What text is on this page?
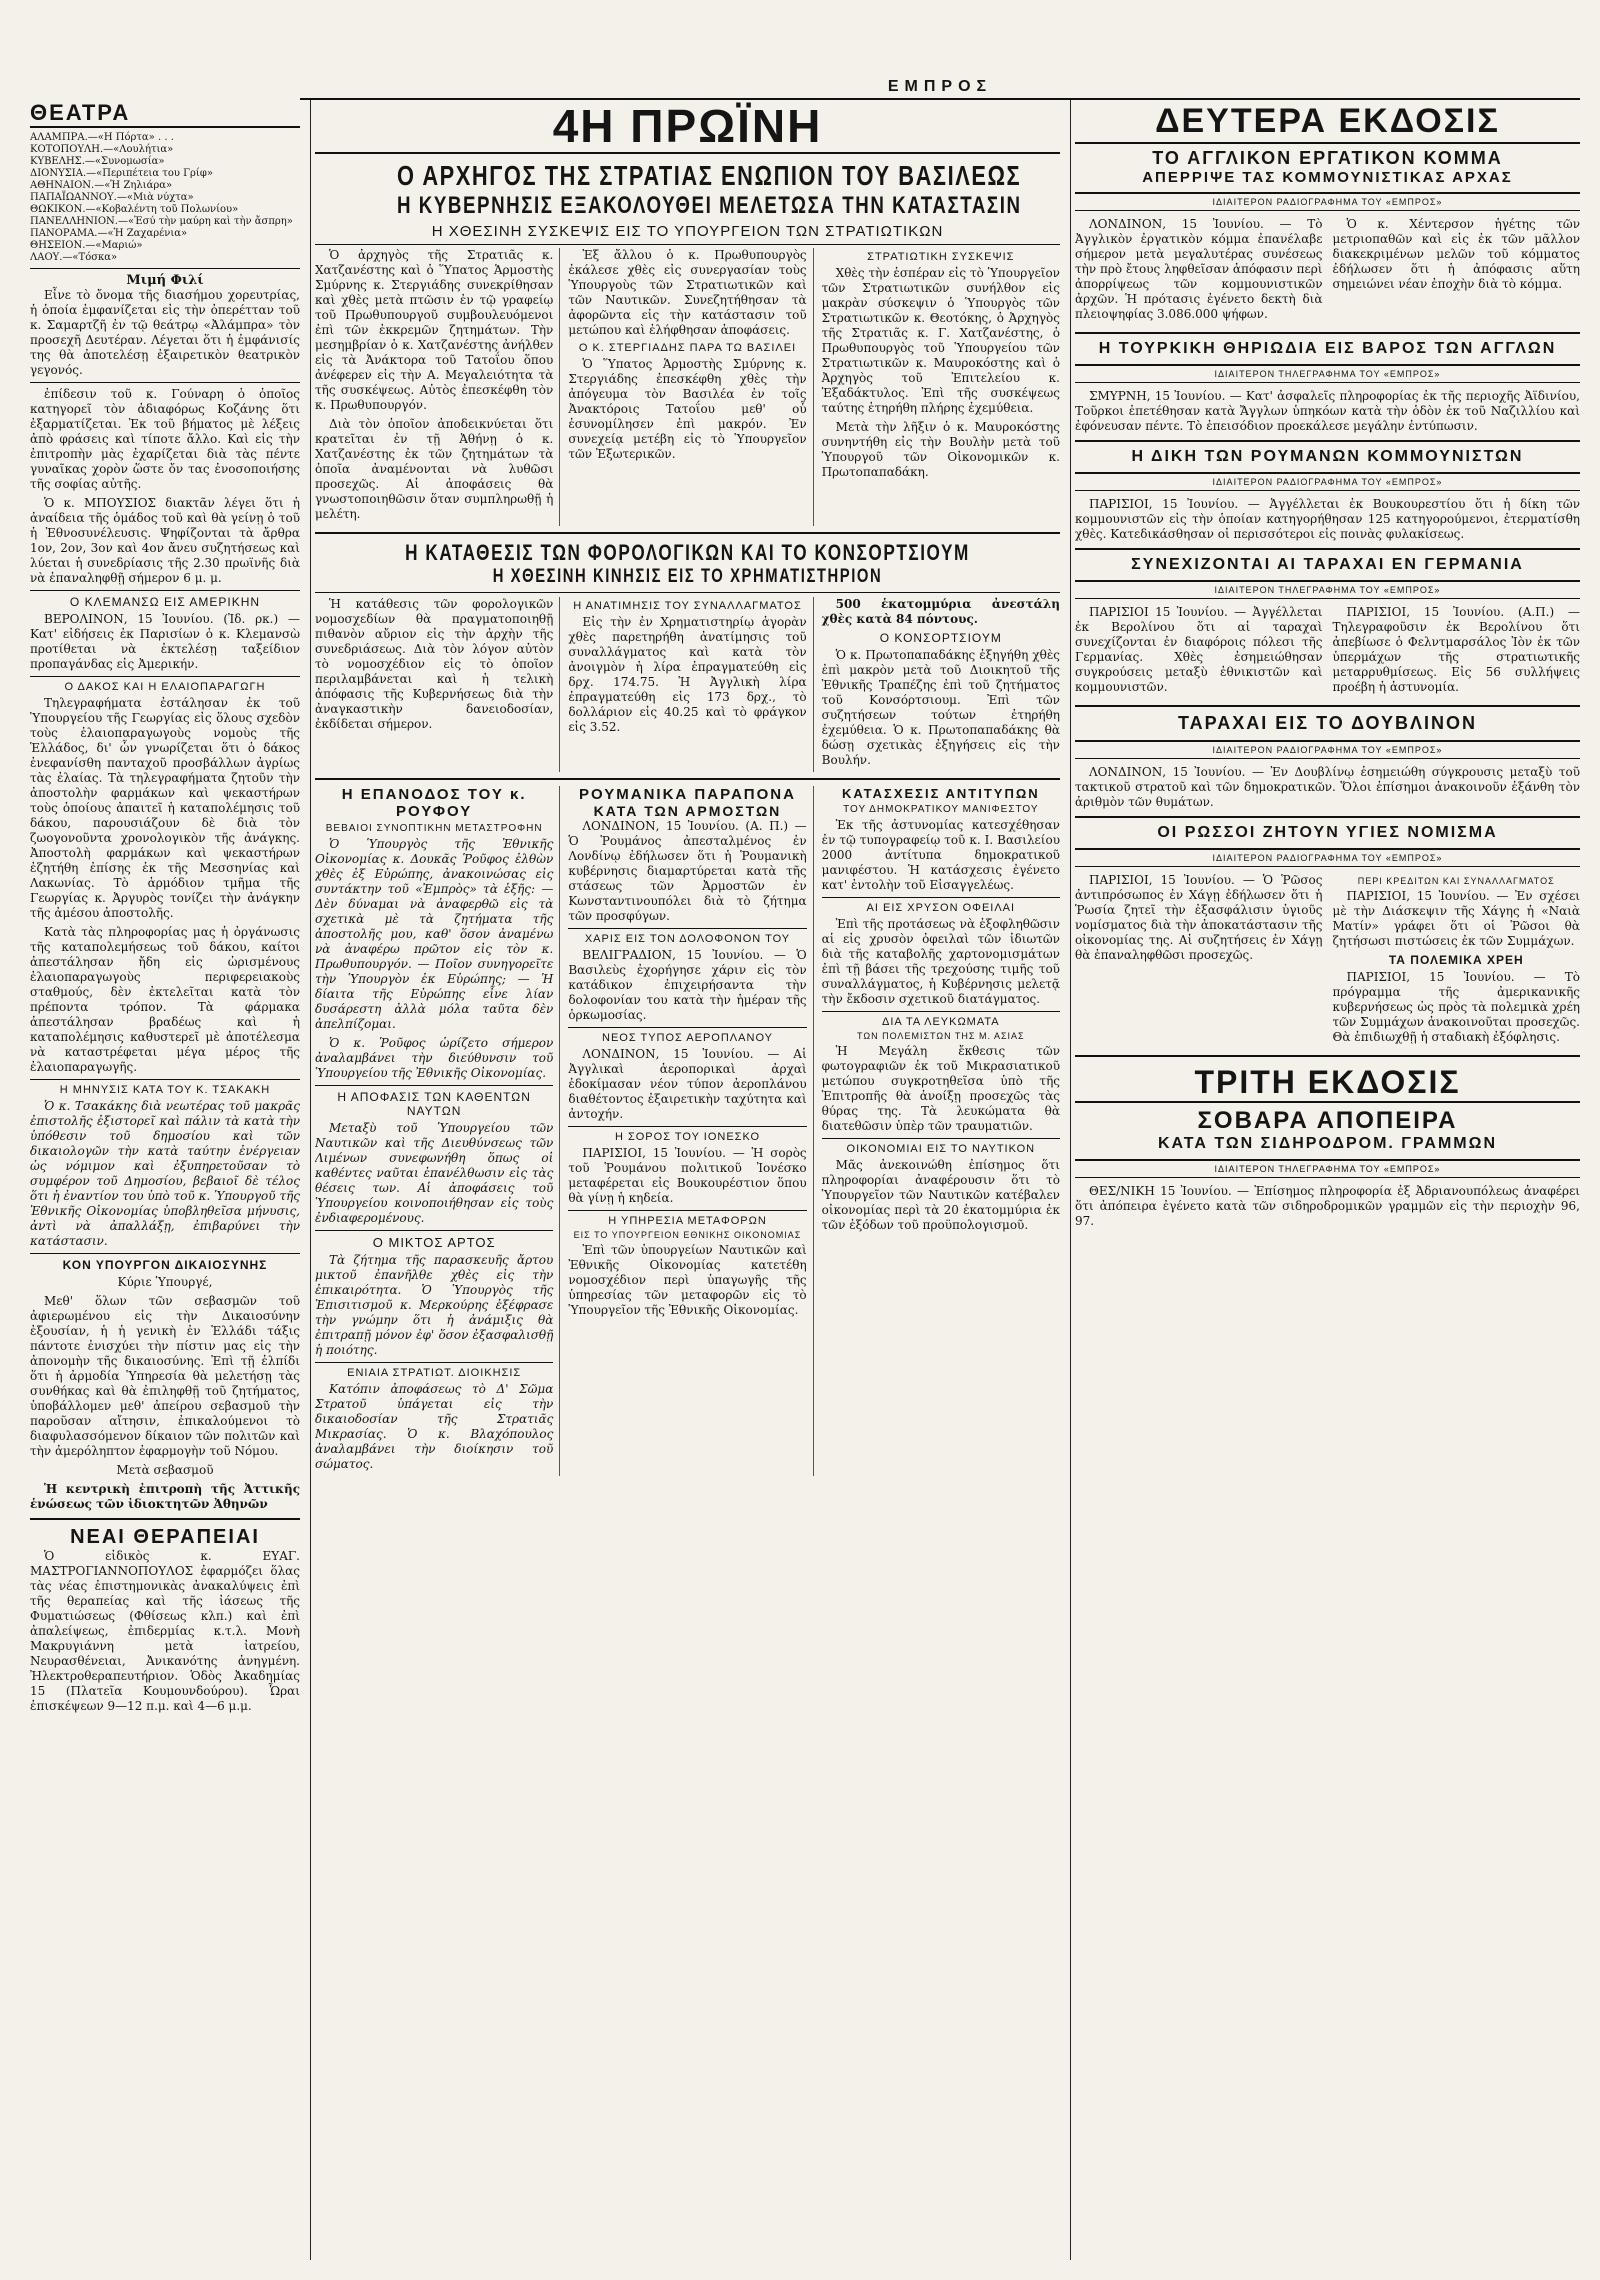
ΕΜΠΡΟΣ
ΘΕΑΤΡΑ
ΑΛΑΜΠΡΑ.—«Η Πόρτα» . . .
ΚΟΤΟΠΟΥΛΗ.—«Λουλήτια»
ΚΥΒΕΛΗΣ.—«Συνομωσία»
ΔΙΟΝΥΣΙΑ.—«Περιπέτεια του Γρίφ»
ΑΘΗΝΑΙΟΝ.—«Ἡ Ζηλιάρα»
ΠΑΠΑΪΩΑΝΝΟΥ.—«Μιὰ νύχτα»
ΘΩΚΙΚΟΝ.—«Κοβαλέντη τοῦ Πολωνίου»
ΠΑΝΕΛΛΗΝΙΟΝ.—«Ἐσύ τὴν μαύρη καὶ τὴν ἄσπρη»
ΠΑΝΟΡΑΜΑ.—«Ἡ Ζαχαρένια»
ΘΗΣΕΙΟΝ.—«Μαριώ»
ΛΑΟΥ.—«Τόσκα»
Μιμή Φιλί

Εἶνε τὸ ὄνομα τῆς διασήμου χορευτρίας, ἡ ὁποία ἐμφανίζεται εἰς τὴν ὀπερέτταν τοῦ κ. Σαμαρτζῆ ἐν τῷ θεάτρῳ «Ἀλάμπρα» τὸν προσεχῆ Δευτέραν. Λέγεται ὅτι ἡ ἐμφάνισίς της θὰ ἀποτελέσῃ ἐξαιρετικὸν θεατρικὸν γεγονός.

ἐπίδεσιν τοῦ κ. Γούναρη ὁ ὁποῖος κατηγορεῖ τὸν ἀδιαφόρως Κοζάνης ὅτι ἐξαρματίζεται. Ἐκ τοῦ βήματος μὲ λέξεις ἀπὸ φράσεις καὶ τίποτε ἄλλο. Καὶ εἰς τὴν ἐπιτροπὴν μὰς ἐχαρίζεται διὰ τὰς πέντε γυναῖκας χορὸν ὥστε ὄν τας ἐνοσοποιήσης τῆς σοφίας αὐτῆς.

Ὁ κ. ΜΠΟΥΣΙΟΣ διακτᾶν λέγει ὅτι ἡ ἀναίδεια τῆς ὁμάδος τοῦ καὶ θὰ γείνῃ ὁ τοῦ ἡ Ἐθνοσυνέλευσις. Ψηφίζονται τὰ ἄρθρα 1ον, 2ον, 3ον καὶ 4ον ἄνευ συζητήσεως καὶ λύεται ἡ συνεδρίασις τῆς 2.30 πρωϊνῆς διὰ νὰ ἐπαναληφθῇ σήμερον 6 μ. μ.

Ο ΚΛΕΜΑΝΣΩ ΕΙΣ ΑΜΕΡΙΚΗΝ

ΒΕΡΟΛΙΝΟΝ, 15 Ἰουνίου. (Ἰδ. ρκ.) — Κατ' εἰδήσεις ἐκ Παρισίων ὁ κ. Κλεμανσὼ προτίθεται νὰ ἐκτελέσῃ ταξείδιον προπαγάνδας εἰς Ἀμερικήν.

Ο ΔΑΚΟΣ ΚΑΙ Η ΕΛΑΙΟΠΑΡΑΓΩΓΗ

Τηλεγραφήματα ἐστάλησαν ἐκ τοῦ Ὑπουργείου τῆς Γεωργίας εἰς ὅλους σχεδὸν τοὺς ἐλαιοπαραγωγοὺς νομοὺς τῆς Ἑλλάδος, δι' ὧν γνωρίζεται ὅτι ὁ δάκος ἐνεφανίσθη πανταχοῦ προσβάλλων ἀγρίως τὰς ἐλαίας. Τὰ τηλεγραφήματα ζητοῦν τὴν ἀποστολὴν φαρμάκων καὶ ψεκαστήρων τοὺς ὁποίους ἀπαιτεῖ ἡ καταπολέμησις τοῦ δάκου, παρουσιάζουν δὲ διὰ τὸν ζωογονοῦντα χρονολογικὸν τῆς ἀνάγκης. Ἀποστολὴ φαρμάκων καὶ ψεκαστήρων ἐζητήθη ἐπίσης ἐκ τῆς Μεσσηνίας καὶ Λακωνίας. Τὸ ἀρμόδιον τμῆμα τῆς Γεωργίας κ. Ἀργυρὸς τονίζει τὴν ἀνάγκην τῆς ἀμέσου ἀποστολῆς.

Κατὰ τὰς πληροφορίας μας ἡ ὀργάνωσις τῆς καταπολεμήσεως τοῦ δάκου, καίτοι ἀπεστάλησαν ἤδη εἰς ὡρισμένους ἐλαιοπαραγωγοὺς περιφερειακοὺς σταθμούς, δὲν ἐκτελεῖται κατὰ τὸν πρέποντα τρόπον. Τὰ φάρμακα ἀπεστάλησαν βραδέως καὶ ἡ καταπολέμησις καθυστερεῖ μὲ ἀποτέλεσμα νὰ καταστρέφεται μέγα μέρος τῆς ἐλαιοπαραγωγῆς.

Η ΜΗΝΥΣΙΣ ΚΑΤΑ ΤΟΥ Κ. ΤΣΑΚΑΚΗ

Ὁ κ. Τσακάκης διὰ νεωτέρας τοῦ μακρᾶς ἐπιστολῆς ἐξιστορεῖ καὶ πάλιν τὰ κατὰ τὴν ὑπόθεσιν τοῦ δημοσίου καὶ τῶν δικαιολογῶν τὴν κατὰ ταύτην ἐνέργειαν ὡς νόμιμον καὶ ἐξυπηρετοῦσαν τὸ συμφέρον τοῦ Δημοσίου, βεβαιοῖ δὲ τέλος ὅτι ἡ ἐναντίον του ὑπὸ τοῦ κ. Ὑπουργοῦ τῆς Ἐθνικῆς Οἰκονομίας ὑποβληθεῖσα μήνυσις, ἀντὶ νὰ ἀπαλλάξῃ, ἐπιβαρύνει τὴν κατάστασιν.

ΚΟΝ ΥΠΟΥΡΓΟΝ ΔΙΚΑΙΟΣΥΝΗΣ

Κύριε Ὑπουργέ,

Μεθ' ὅλων τῶν σεβασμῶν τοῦ ἀφιερωμένου εἰς τὴν Δικαιοσύνην ἐξουσίαν, ἡ ἡ γενικὴ ἐν Ἑλλάδι τάξις πάντοτε ἐνισχύει τὴν πίστιν μας εἰς τὴν ἀπονομὴν τῆς δικαιοσύνης. Ἐπὶ τῇ ἐλπίδι ὅτι ἡ ἀρμοδία Ὑπηρεσία θὰ μελετήσῃ τὰς συνθήκας καὶ θὰ ἐπιληφθῇ τοῦ ζητήματος, ὑποβάλλομεν μεθ' ἀπείρου σεβασμοῦ τὴν παροῦσαν αἴτησιν, ἐπικαλούμενοι τὸ διαφυλασσόμενον δίκαιον τῶν πολιτῶν καὶ τὴν ἀμερόληπτον ἐφαρμογὴν τοῦ Νόμου.

Μετὰ σεβασμοῦ

Ἡ κεντρικὴ ἐπιτροπὴ τῆς Ἀττικῆς ἑνώσεως τῶν ἰδιοκτητῶν Ἀθηνῶν

ΝΕΑΙ ΘΕΡΑΠΕΙΑΙ

Ὁ εἰδικὸς κ. ΕΥΑΓ. ΜΑΣΤΡΟΓΙΑΝΝΟΠΟΥΛΟΣ ἐφαρμόζει ὅλας τὰς νέας ἐπιστημονικὰς ἀνακαλύψεις ἐπὶ τῆς θεραπείας καὶ τῆς ἰάσεως τῆς Φυματιώσεως (Φθίσεως κλπ.) καὶ ἐπὶ ἀπαλείψεως, ἐπιδερμίας κ.τ.λ. Μονὴ Μακρυγιάννη μετὰ ἰατρείου, Νευρασθένειαι, Ἀνικανότης ἀνηγμένη. Ἠλεκτροθεραπευτήριον. Ὁδὸς Ἀκαδημίας 15 (Πλατεῖα Κουμουνδούρου). Ὧραι ἐπισκέψεων 9—12 π.μ. καὶ 4—6 μ.μ.

4Η ΠΡΩΪΝΗ
Ο ΑΡΧΗΓΟΣ ΤΗΣ ΣΤΡΑΤΙΑΣ ΕΝΩΠΙΟΝ ΤΟΥ ΒΑΣΙΛΕΩΣ
Η ΚΥΒΕΡΝΗΣΙΣ ΕΞΑΚΟΛΟΥΘΕΙ ΜΕΛΕΤΩΣΑ ΤΗΝ ΚΑΤΑΣΤΑΣΙΝ
Η ΧΘΕΣΙΝΗ ΣΥΣΚΕΨΙΣ ΕΙΣ ΤΟ ΥΠΟΥΡΓΕΙΟΝ ΤΩΝ ΣΤΡΑΤΙΩΤΙΚΩΝ

Ὁ ἀρχηγὸς τῆς Στρατιᾶς κ. Χατζανέστης καὶ ὁ Ὕπατος Ἁρμοστὴς Σμύρνης κ. Στεργιάδης συνεκρίθησαν καὶ χθὲς μετὰ πτῶσιν ἐν τῷ γραφείῳ τοῦ Πρωθυπουργοῦ συμβουλευόμενοι ἐπὶ τῶν ἐκκρεμῶν ζητημάτων. Τὴν μεσημβρίαν ὁ κ. Χατζανέστης ἀνήλθεν εἰς τὰ Ἀνάκτορα τοῦ Τατοΐου ὅπου ἀνέφερεν εἰς τὴν Α. Μεγαλειότητα τὰ τῆς συσκέψεως. Αὐτὸς ἐπεσκέφθη τὸν κ. Πρωθυπουργόν.

Διὰ τὸν ὁποῖον ἀποδεικνύεται ὅτι κρατεῖται ἐν τῇ Ἀθήνῃ ὁ κ. Χατζανέστης ἐκ τῶν ζητημάτων τὰ ὁποῖα ἀναμένονται νὰ λυθῶσι προσεχῶς. Αἱ ἀποφάσεις θὰ γνωστοποιηθῶσιν ὅταν συμπληρωθῇ ἡ μελέτη.

Ἐξ ἄλλου ὁ κ. Πρωθυπουργὸς ἐκάλεσε χθὲς εἰς συνεργασίαν τοὺς Ὑπουργοὺς τῶν Στρατιωτικῶν καὶ τῶν Ναυτικῶν. Συνεζητήθησαν τὰ ἀφορῶντα εἰς τὴν κατάστασιν τοῦ μετώπου καὶ ἐλήφθησαν ἀποφάσεις.

Ο Κ. ΣΤΕΡΓΙΑΔΗΣ ΠΑΡΑ ΤΩ ΒΑΣΙΛΕΙ

Ὁ Ὕπατος Ἁρμοστὴς Σμύρνης κ. Στεργιάδης ἐπεσκέφθη χθὲς τὴν ἀπόγευμα τὸν Βασιλέα ἐν τοῖς Ἀνακτόροις Τατοΐου μεθ' οὗ ἐσυνομίλησεν ἐπὶ μακρόν. Ἐν συνεχείᾳ μετέβη εἰς τὸ Ὑπουργεῖον τῶν Ἐξωτερικῶν.

ΣΤΡΑΤΙΩΤΙΚΗ ΣΥΣΚΕΨΙΣ

Χθὲς τὴν ἑσπέραν εἰς τὸ Ὑπουργεῖον τῶν Στρατιωτικῶν συνήλθον εἰς μακρὰν σύσκεψιν ὁ Ὑπουργὸς τῶν Στρατιωτικῶν κ. Θεοτόκης, ὁ Ἀρχηγὸς τῆς Στρατιᾶς κ. Γ. Χατζανέστης, ὁ Πρωθυπουργὸς τοῦ Ὑπουργείου τῶν Στρατιωτικῶν κ. Μαυροκόστης καὶ ὁ Ἀρχηγὸς τοῦ Ἐπιτελείου κ. Ἐξαδάκτυλος. Ἐπὶ τῆς συσκέψεως ταύτης ἐτηρήθη πλήρης ἐχεμύθεια.

Μετὰ τὴν λῆξιν ὁ κ. Μαυροκόστης συνηντήθη εἰς τὴν Βουλὴν μετὰ τοῦ Ὑπουργοῦ τῶν Οἰκονομικῶν κ. Πρωτοπαπαδάκη.

Η ΚΑΤΑΘΕΣΙΣ ΤΩΝ ΦΟΡΟΛΟΓΙΚΩΝ ΚΑΙ ΤΟ ΚΟΝΣΟΡΤΣΙΟΥΜ
Η ΧΘΕΣΙΝΗ ΚΙΝΗΣΙΣ ΕΙΣ ΤΟ ΧΡΗΜΑΤΙΣΤΗΡΙΟΝ

Ἡ κατάθεσις τῶν φορολογικῶν νομοσχεδίων θὰ πραγματοποιηθῇ πιθανὸν αὔριον εἰς τὴν ἀρχὴν τῆς συνεδριάσεως. Διὰ τὸν λόγον αὐτὸν τὸ νομοσχέδιον εἰς τὸ ὁποῖον περιλαμβάνεται καὶ ἡ τελικὴ ἀπόφασις τῆς Κυβερνήσεως διὰ τὴν ἀναγκαστικὴν δανειοδοσίαν, ἐκδίδεται σήμερον.

Η ΑΝΑΤΙΜΗΣΙΣ ΤΟΥ ΣΥΝΑΛΛΑΓΜΑΤΟΣ

Εἰς τὴν ἐν Χρηματιστηρίῳ ἀγορὰν χθὲς παρετηρήθη ἀνατίμησις τοῦ συναλλάγματος καὶ κατὰ τὸν ἀνοιγμὸν ἡ λίρα ἐπραγματεύθη εἰς δρχ. 174.75. Ἡ Ἀγγλικὴ λίρα ἐπραγματεύθη εἰς 173 δρχ., τὸ δολλάριον εἰς 40.25 καὶ τὸ φράγκον εἰς 3.52.

500 ἑκατομμύρια ἀνεστάλη χθὲς κατὰ 84 πόντους.

Ο ΚΟΝΣΟΡΤΣΙΟΥΜ

Ὁ κ. Πρωτοπαπαδάκης ἐξηγήθη χθὲς ἐπὶ μακρὸν μετὰ τοῦ Διοικητοῦ τῆς Ἐθνικῆς Τραπέζης ἐπὶ τοῦ ζητήματος τοῦ Κονσόρτσιουμ. Ἐπὶ τῶν συζητήσεων τούτων ἐτηρήθη ἐχεμύθεια. Ὁ κ. Πρωτοπαπαδάκης θὰ δώσῃ σχετικὰς ἐξηγήσεις εἰς τὴν Βουλήν.

Η ΕΠΑΝΟΔΟΣ ΤΟΥ κ. ΡΟΥΦΟΥ
ΒΕΒΑΙΟΙ ΣΥΝΟΠΤΙΚΗΝ ΜΕΤΑΣΤΡΟΦΗΝ

Ὁ Ὑπουργὸς τῆς Ἐθνικῆς Οἰκονομίας κ. Δουκᾶς Ῥοῦφος ἐλθὼν χθὲς ἐξ Εὐρώπης, ἀνακοινώσας εἰς συντάκτην τοῦ «Ἐμπρὸς» τὰ ἑξῆς: — Δὲν δύναμαι νὰ ἀναφερθῶ εἰς τὰ σχετικὰ μὲ τὰ ζητήματα τῆς ἀποστολῆς μου, καθ' ὅσον ἀναμένω νὰ ἀναφέρω πρῶτον εἰς τὸν κ. Πρωθυπουργόν. — Ποῖον συνηγορεῖτε τὴν Ὑπουργὸν ἐκ Εὐρώπης; — Ἡ δίαιτα τῆς Εὐρώπης εἶνε λίαν δυσάρεστη ἀλλὰ μόλα ταῦτα δὲν ἀπελπίζομαι.

Ὁ κ. Ῥοῦφος ὡρίζετο σήμερον ἀναλαμβάνει τὴν διεύθυνσιν τοῦ Ὑπουργείου τῆς Ἐθνικῆς Οἰκονομίας.

Η ΑΠΟΦΑΣΙΣ ΤΩΝ ΚΑΘΕΝΤΩΝ ΝΑΥΤΩΝ

Μεταξὺ τοῦ Ὑπουργείου τῶν Ναυτικῶν καὶ τῆς Διευθύνσεως τῶν Λιμένων συνεφωνήθη ὅπως οἱ καθέντες ναῦται ἐπανέλθωσιν εἰς τὰς θέσεις των. Αἱ ἀποφάσεις τοῦ Ὑπουργείου κοινοποιήθησαν εἰς τοὺς ἐνδιαφερομένους.

Ο ΜΙΚΤΟΣ ΑΡΤΟΣ

Τὰ ζήτημα τῆς παρασκευῆς ἄρτου μικτοῦ ἐπανῆλθε χθὲς εἰς τὴν ἐπικαιρότητα. Ὁ Ὑπουργὸς τῆς Ἐπισιτισμοῦ κ. Μερκούρης ἐξέφρασε τὴν γνώμην ὅτι ἡ ἀνάμιξις θὰ ἐπιτραπῇ μόνον ἐφ' ὅσον ἐξασφαλισθῇ ἡ ποιότης.

ΕΝΙΑΙΑ ΣΤΡΑΤΙΩΤ. ΔΙΟΙΚΗΣΙΣ

Κατόπιν ἀποφάσεως τὸ Δ' Σῶμα Στρατοῦ ὑπάγεται εἰς τὴν δικαιοδοσίαν τῆς Στρατιᾶς Μικρασίας. Ὁ κ. Βλαχόπουλος ἀναλαμβάνει τὴν διοίκησιν τοῦ σώματος.

ΡΟΥΜΑΝΙΚΑ ΠΑΡΑΠΟΝΑ
ΚΑΤΑ ΤΩΝ ΑΡΜΟΣΤΩΝ

ΛΟΝΔΙΝΟΝ, 15 Ἰουνίου. (Α. Π.) — Ὁ Ῥουμάνος ἀπεσταλμένος ἐν Λονδίνῳ ἐδήλωσεν ὅτι ἡ Ῥουμανικὴ κυβέρνησις διαμαρτύρεται κατὰ τῆς στάσεως τῶν Ἀρμοστῶν ἐν Κωνσταντινουπόλει διὰ τὸ ζήτημα τῶν προσφύγων.

ΧΑΡΙΣ ΕΙΣ ΤΟΝ ΔΟΛΟΦΟΝΟΝ ΤΟΥ

ΒΕΛΙΓΡΑΔΙΟΝ, 15 Ἰουνίου. — Ὁ Βασιλεὺς ἐχορήγησε χάριν εἰς τὸν κατάδικον ἐπιχειρήσαντα τὴν δολοφονίαν του κατὰ τὴν ἡμέραν τῆς ὁρκωμοσίας.

ΝΕΟΣ ΤΥΠΟΣ ΑΕΡΟΠΛΑΝΟΥ

ΛΟΝΔΙΝΟΝ, 15 Ἰουνίου. — Αἱ Ἀγγλικαὶ ἀεροπορικαὶ ἀρχαὶ ἐδοκίμασαν νέον τύπον ἀεροπλάνου διαθέτοντος ἐξαιρετικὴν ταχύτητα καὶ ἀντοχήν.

Η ΣΟΡΟΣ ΤΟΥ ΙΟΝΕΣΚΟ

ΠΑΡΙΣΙΟΙ, 15 Ἰουνίου. — Ἡ σορὸς τοῦ Ῥουμάνου πολιτικοῦ Ἰονέσκο μεταφέρεται εἰς Βουκουρέστιον ὅπου θὰ γίνῃ ἡ κηδεία.

Η ΥΠΗΡΕΣΙΑ ΜΕΤΑΦΟΡΩΝ
ΕΙΣ ΤΟ ΥΠΟΥΡΓΕΙΟΝ ΕΘΝΙΚΗΣ ΟΙΚΟΝΟΜΙΑΣ

Ἐπὶ τῶν ὑπουργείων Ναυτικῶν καὶ Ἐθνικῆς Οἰκονομίας κατετέθη νομοσχέδιον περὶ ὑπαγωγῆς τῆς ὑπηρεσίας τῶν μεταφορῶν εἰς τὸ Ὑπουργεῖον τῆς Ἐθνικῆς Οἰκονομίας.

ΚΑΤΑΣΧΕΣΙΣ ΑΝΤΙΤΥΠΩΝ
ΤΟΥ ΔΗΜΟΚΡΑΤΙΚΟΥ ΜΑΝΙΦΕΣΤΟΥ

Ἐκ τῆς ἀστυνομίας κατεσχέθησαν ἐν τῷ τυπογραφείῳ τοῦ κ. Ι. Βασιλείου 2000 ἀντίτυπα δημοκρατικοῦ μανιφέστου. Ἡ κατάσχεσις ἐγένετο κατ' ἐντολὴν τοῦ Εἰσαγγελέως.

ΑΙ ΕΙΣ ΧΡΥΣΟΝ ΟΦΕΙΛΑΙ

Ἐπὶ τῆς προτάσεως νὰ ἐξοφληθῶσιν αἱ εἰς χρυσὸν ὀφειλαὶ τῶν ἰδιωτῶν διὰ τῆς καταβολῆς χαρτονομισμάτων ἐπὶ τῇ βάσει τῆς τρεχούσης τιμῆς τοῦ συναλλάγματος, ἡ Κυβέρνησις μελετᾷ τὴν ἔκδοσιν σχετικοῦ διατάγματος.

ΔΙΑ ΤΑ ΛΕΥΚΩΜΑΤΑ
ΤΩΝ ΠΟΛΕΜΙΣΤΩΝ ΤΗΣ Μ. ΑΣΙΑΣ

Ἡ Μεγάλη ἔκθεσις τῶν φωτογραφιῶν ἐκ τοῦ Μικρασιατικοῦ μετώπου συγκροτηθεῖσα ὑπὸ τῆς Ἐπιτροπῆς θὰ ἀνοίξῃ προσεχῶς τὰς θύρας της. Τὰ λευκώματα θὰ διατεθῶσιν ὑπὲρ τῶν τραυματιῶν.

ΟΙΚΟΝΟΜΙΑΙ ΕΙΣ ΤΟ ΝΑΥΤΙΚΟΝ

Μᾶς ἀνεκοινώθη ἐπίσημος ὅτι πληροφορίαι ἀναφέρουσιν ὅτι τὸ Ὑπουργεῖον τῶν Ναυτικῶν κατέβαλεν οἰκονομίας περὶ τὰ 20 ἑκατομμύρια ἐκ τῶν ἐξόδων τοῦ προϋπολογισμοῦ.

ΔΕΥΤΕΡΑ ΕΚΔΟΣΙΣ
ΤΟ ΑΓΓΛΙΚΟΝ ΕΡΓΑΤΙΚΟΝ ΚΟΜΜΑ
ΑΠΕΡΡΙΨΕ ΤΑΣ ΚΟΜΜΟΥΝΙΣΤΙΚΑΣ ΑΡΧΑΣ
ΙΔΙΑΙΤΕΡΟΝ ΡΑΔΙΟΓΡΑΦΗΜΑ ΤΟΥ «ΕΜΠΡΟΣ»

ΛΟΝΔΙΝΟΝ, 15 Ἰουνίου. — Τὸ Ἀγγλικὸν ἐργατικὸν κόμμα ἐπανέλαβε σήμερον μετὰ μεγαλυτέρας συνέσεως τὴν πρὸ ἔτους ληφθεῖσαν ἀπόφασιν περὶ ἀπορρίψεως τῶν κομμουνιστικῶν ἀρχῶν. Ἡ πρότασις ἐγένετο δεκτὴ διὰ πλειοψηφίας 3.086.000 ψήφων.

Ὁ κ. Χέντερσον ἡγέτης τῶν μετριοπαθῶν καὶ εἰς ἐκ τῶν μᾶλλον διακεκριμένων μελῶν τοῦ κόμματος ἐδήλωσεν ὅτι ἡ ἀπόφασις αὕτη σημειώνει νέαν ἐποχὴν διὰ τὸ κόμμα.

Η ΤΟΥΡΚΙΚΗ ΘΗΡΙΩΔΙΑ ΕΙΣ ΒΑΡΟΣ ΤΩΝ ΑΓΓΛΩΝ
ΙΔΙΑΙΤΕΡΟΝ ΤΗΛΕΓΡΑΦΗΜΑ ΤΟΥ «ΕΜΠΡΟΣ»

ΣΜΥΡΝΗ, 15 Ἰουνίου. — Κατ' ἀσφαλεῖς πληροφορίας ἐκ τῆς περιοχῆς Ἀϊδινίου, Τοῦρκοι ἐπετέθησαν κατὰ Ἄγγλων ὑπηκόων κατὰ τὴν ὁδὸν ἐκ τοῦ Ναζιλλίου καὶ ἐφόνευσαν πέντε. Τὸ ἐπεισόδιον προεκάλεσε μεγάλην ἐντύπωσιν.

Η ΔΙΚΗ ΤΩΝ ΡΟΥΜΑΝΩΝ ΚΟΜΜΟΥΝΙΣΤΩΝ
ΙΔΙΑΙΤΕΡΟΝ ΡΑΔΙΟΓΡΑΦΗΜΑ ΤΟΥ «ΕΜΠΡΟΣ»

ΠΑΡΙΣΙΟΙ, 15 Ἰουνίου. — Ἀγγέλλεται ἐκ Βουκουρεστίου ὅτι ἡ δίκη τῶν κομμουνιστῶν εἰς τὴν ὁποίαν κατηγορήθησαν 125 κατηγορούμενοι, ἐτερματίσθη χθὲς. Κατεδικάσθησαν οἱ περισσότεροι εἰς ποινὰς φυλακίσεως.

ΣΥΝΕΧΙΖΟΝΤΑΙ ΑΙ ΤΑΡΑΧΑΙ ΕΝ ΓΕΡΜΑΝΙΑ
ΙΔΙΑΙΤΕΡΟΝ ΤΗΛΕΓΡΑΦΗΜΑ ΤΟΥ «ΕΜΠΡΟΣ»

ΠΑΡΙΣΙΟΙ 15 Ἰουνίου. — Ἀγγέλλεται ἐκ Βερολίνου ὅτι αἱ ταραχαὶ συνεχίζονται ἐν διαφόροις πόλεσι τῆς Γερμανίας. Χθὲς ἐσημειώθησαν συγκρούσεις μεταξὺ ἐθνικιστῶν καὶ κομμουνιστῶν.

ΠΑΡΙΣΙΟΙ, 15 Ἰουνίου. (Α.Π.) — Τηλεγραφοῦσιν ἐκ Βερολίνου ὅτι ἀπεβίωσε ὁ Φελντμαρσάλος Ἰὸν ἐκ τῶν ὑπερμάχων τῆς στρατιωτικῆς μεταρρυθμίσεως. Εἰς 56 συλλήψεις προέβη ἡ ἀστυνομία.

ΤΑΡΑΧΑΙ ΕΙΣ ΤΟ ΔΟΥΒΛΙΝΟΝ
ΙΔΙΑΙΤΕΡΟΝ ΡΑΔΙΟΓΡΑΦΗΜΑ ΤΟΥ «ΕΜΠΡΟΣ»

ΛΟΝΔΙΝΟΝ, 15 Ἰουνίου. — Ἐν Δουβλίνῳ ἐσημειώθη σύγκρουσις μεταξὺ τοῦ τακτικοῦ στρατοῦ καὶ τῶν δημοκρατικῶν. Ὅλοι ἐπίσημοι ἀνακοινοῦν ἐξάνθη τὸν ἀριθμὸν τῶν θυμάτων.

ΟΙ ΡΩΣΣΟΙ ΖΗΤΟΥΝ ΥΓΙΕΣ ΝΟΜΙΣΜΑ
ΙΔΙΑΙΤΕΡΟΝ ΡΑΔΙΟΓΡΑΦΗΜΑ ΤΟΥ «ΕΜΠΡΟΣ»

ΠΑΡΙΣΙΟΙ, 15 Ἰουνίου. — Ὁ Ῥῶσος ἀντιπρόσωπος ἐν Χάγῃ ἐδήλωσεν ὅτι ἡ Ῥωσία ζητεῖ τὴν ἐξασφάλισιν ὑγιοῦς νομίσματος διὰ τὴν ἀποκατάστασιν τῆς οἰκονομίας της. Αἱ συζητήσεις ἐν Χάγῃ θὰ ἐπαναληφθῶσι προσεχῶς.

ΠΕΡΙ ΚΡΕΔΙΤΩΝ ΚΑΙ ΣΥΝΑΛΛΑΓΜΑΤΟΣ

ΠΑΡΙΣΙΟΙ, 15 Ἰουνίου. — Ἐν σχέσει μὲ τὴν Διάσκεψιν τῆς Χάγης ἡ «Ναιὰ Ματίν» γράφει ὅτι οἱ Ῥῶσοι θὰ ζητήσωσι πιστώσεις ἐκ τῶν Συμμάχων.

ΤΑ ΠΟΛΕΜΙΚΑ ΧΡΕΗ

ΠΑΡΙΣΙΟΙ, 15 Ἰουνίου. — Τὸ πρόγραμμα τῆς ἀμερικανικῆς κυβερνήσεως ὡς πρὸς τὰ πολεμικὰ χρέη τῶν Συμμάχων ἀνακοινοῦται προσεχῶς. Θὰ ἐπιδιωχθῇ ἡ σταδιακὴ ἐξόφλησις.

ΤΡΙΤΗ ΕΚΔΟΣΙΣ
ΣΟΒΑΡΑ ΑΠΟΠΕΙΡΑ
ΚΑΤΑ ΤΩΝ ΣΙΔΗΡΟΔΡΟΜ. ΓΡΑΜΜΩΝ
ΙΔΙΑΙΤΕΡΟΝ ΤΗΛΕΓΡΑΦΗΜΑ ΤΟΥ «ΕΜΠΡΟΣ»

ΘΕΣ/ΝΙΚΗ 15 Ἰουνίου. — Ἐπίσημος πληροφορία ἐξ Ἀδριανουπόλεως ἀναφέρει ὅτι ἀπόπειρα ἐγένετο κατὰ τῶν σιδηροδρομικῶν γραμμῶν εἰς τὴν περιοχὴν 96, 97.
